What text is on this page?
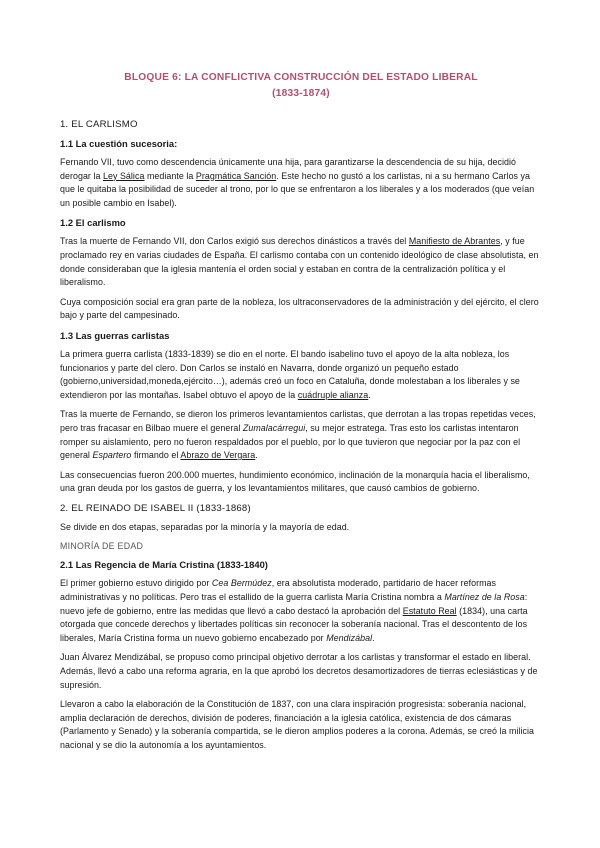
BLOQUE 6: LA CONFLICTIVA CONSTRUCCIÓN DEL ESTADO LIBERAL
(1833-1874)
1. EL CARLISMO
1.1 La cuestión sucesoria:
Fernando VII, tuvo como descendencia únicamente una hija, para garantizarse la descendencia de su hija, decidió derogar la Ley Sálica mediante la Pragmática Sanción. Este hecho no gustó a los carlistas, ni a su hermano Carlos ya que le quitaba la posibilidad de suceder al trono, por lo que se enfrentaron a los liberales y a los moderados (que veían un posible cambio en Isabel).
1.2 El carlismo
Tras la muerte de Fernando VII, don Carlos exigió sus derechos dinásticos a través del Manifiesto de Abrantes, y fue proclamado rey en varias ciudades de España. El carlismo contaba con un contenido ideológico de clase absolutista, en donde consideraban que la iglesia mantenía el orden social y estaban en contra de la centralización política y el liberalismo.
Cuya composición social era gran parte de la nobleza, los ultraconservadores de la administración y del ejército, el clero bajo y parte del campesinado.
1.3 Las guerras carlistas
La primera guerra carlista (1833-1839) se dio en el norte. El bando isabelino tuvo el apoyo de la alta nobleza, los funcionarios y parte del clero. Don Carlos se instaló en Navarra, donde organizó un pequeño estado (gobierno,universidad,moneda,ejército…), además creó un foco en Cataluña, donde molestaban a los liberales y se extendieron por las montañas. Isabel obtuvo el apoyo de la cuádruple alianza.
Tras la muerte de Fernando, se dieron los primeros levantamientos carlistas, que derrotan a las tropas repetidas veces, pero tras fracasar en Bilbao muere el general Zumalacárregui, su mejor estratega. Tras esto los carlistas intentaron romper su aislamiento, pero no fueron respaldados por el pueblo, por lo que tuvieron que negociar por la paz con el general Espartero firmando el Abrazo de Vergara.
Las consecuencias fueron 200.000 muertes, hundimiento económico, inclinación de la monarquía hacia el liberalismo, una gran deuda por los gastos de guerra, y los levantamientos militares, que causó cambios de gobierno.
2. EL REINADO DE ISABEL II (1833-1868)
Se divide en dos etapas, separadas por la minoría y la mayoría de edad.
MINORÍA DE EDAD
2.1 Las Regencia de María Cristina (1833-1840)
El primer gobierno estuvo dirigido por Cea Bermúdez, era absolutista moderado, partidario de hacer reformas administrativas y no políticas. Pero tras el estallido de la guerra carlista María Cristina nombra a Martínez de la Rosa: nuevo jefe de gobierno, entre las medidas que llevó a cabo destacó la aprobación del Estatuto Real (1834), una carta otorgada que concede derechos y libertades políticas sin reconocer la soberanía nacional. Tras el descontento de los liberales, María Cristina forma un nuevo gobierno encabezado por Mendizábal.
Juan Álvarez Mendizábal, se propuso como principal objetivo derrotar a los carlistas y transformar el estado en liberal. Además, llevó a cabo una reforma agraria, en la que aprobó los decretos desamortizadores de tierras eclesiásticas y de supresión.
Llevaron a cabo la elaboración de la Constitución de 1837, con una clara inspiración progresista: soberanía nacional, amplia declaración de derechos, división de poderes, financiación a la iglesia católica, existencia de dos cámaras (Parlamento y Senado) y la soberanía compartida, se le dieron amplios poderes a la corona. Además, se creó la milicia nacional y se dio la autonomía a los ayuntamientos.
